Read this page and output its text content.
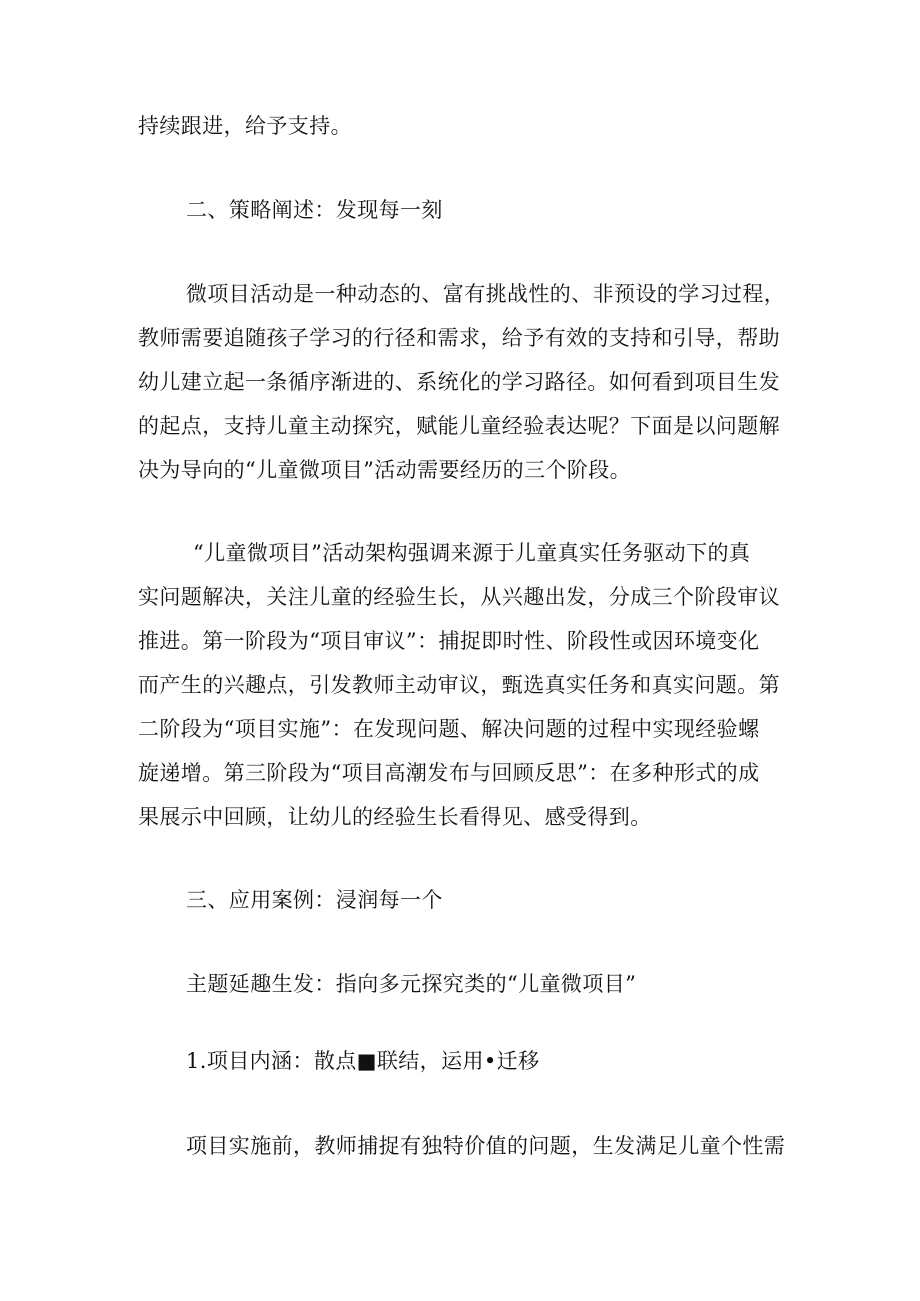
持续跟进，给予支持。
二、策略阐述：发现每一刻
微项目活动是一种动态的、富有挑战性的、非预设的学习过程，
教师需要追随孩子学习的行径和需求，给予有效的支持和引导，帮助
幼儿建立起一条循序渐进的、系统化的学习路径。如何看到项目生发
的起点，支持儿童主动探究，赋能儿童经验表达呢？下面是以问题解
决为导向的“儿童微项目”活动需要经历的三个阶段。
“儿童微项目”活动架构强调来源于儿童真实任务驱动下的真
实问题解决，关注儿童的经验生长，从兴趣出发，分成三个阶段审议
推进。第一阶段为“项目审议”：捕捉即时性、阶段性或因环境变化
而产生的兴趣点，引发教师主动审议，甄选真实任务和真实问题。第
二阶段为“项目实施”：在发现问题、解决问题的过程中实现经验螺
旋递增。第三阶段为“项目高潮发布与回顾反思”：在多种形式的成
果展示中回顾，让幼儿的经验生长看得见、感受得到。
三、应用案例：浸润每一个
主题延趣生发：指向多元探究类的“儿童微项目”
1.项目内涵：散点■联结，运用•迁移
项目实施前，教师捕捉有独特价值的问题，生发满足儿童个性需
